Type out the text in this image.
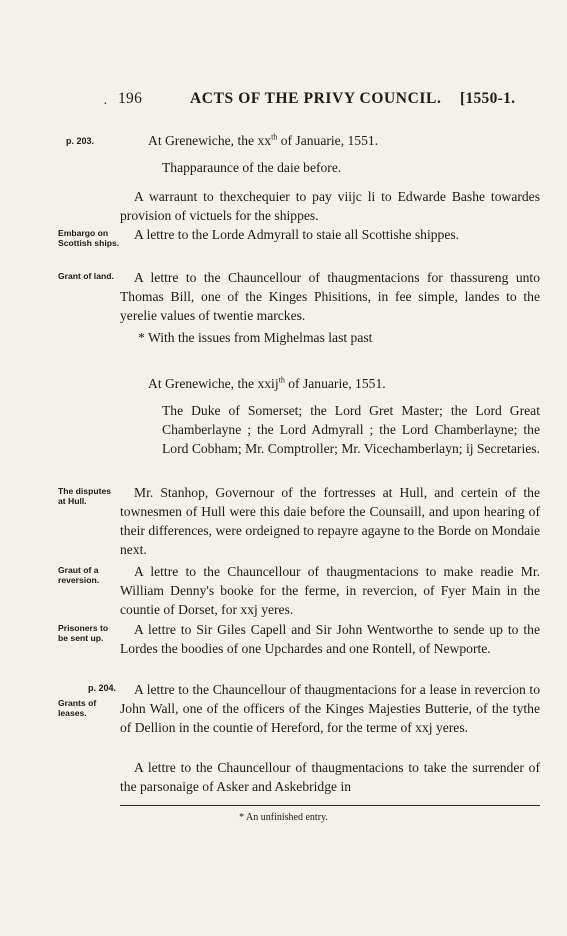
· 196	ACTS OF THE PRIVY COUNCIL. [1550-1.
p. 203.	At Grenewiche, the $xx^{th}$ of Januarie, 1551.
Thapparaunce of the daie before.
A warraunt to thexchequier to pay viijc li to Edwarde Bashe towardes provision of victuels for the shippes.
Embargo on Scottish ships.
A lettre to the Lorde Admyrall to staie all Scottishe shippes.
Grant of land.	A lettre to the Chauncellour of thaugmentacions for thassureng unto Thomas Bill, one of the Kinges Phisitions, in fee simple, landes to the yerelie values of twentie marckes.
* With the issues from Mighelmas last past
At Grenewiche, the xxij$^{th}$ of Januarie, 1551.
The Duke of Somerset; the Lord Gret Master; the Lord Great Chamberlayne ; the Lord Admyrall ; the Lord Chamberlayne; the Lord Cobham; Mr. Comptroller; Mr. Vicechamberlayn; ij Secretaries.
The disputes at Hull.
Mr. Stanhop, Governour of the fortresses at Hull, and certein of the townesmen of Hull were this daie before the Counsaill, and upon hearing of their differences, were ordeigned to repayre agayne to the Borde on Mondaie next.
Graut of a reversion.
A lettre to the Chauncellour of thaugmentacions to make readie Mr. William Denny's booke for the ferme, in revercion, of Fyer Main in the countie of Dorset, for xxj yeres.
Prisoners to be sent up.
A lettre to Sir Giles Capell and Sir John Wentworthe to sende up to the Lordes the boodies of one Upchardes and one Rontell, of Newporte.
p. 204.
Grants of leases.
A lettre to the Chauncellour of thaugmentacions for a lease in revercion to John Wall, one of the officers of the Kinges Majesties Butterie, of the tythe of Dellion in the countie of Hereford, for the terme of xxj yeres.
A lettre to the Chauncellour of thaugmentacions to take the surrender of the parsonaige of Asker and Askebridge in
* An unfinished entry.
